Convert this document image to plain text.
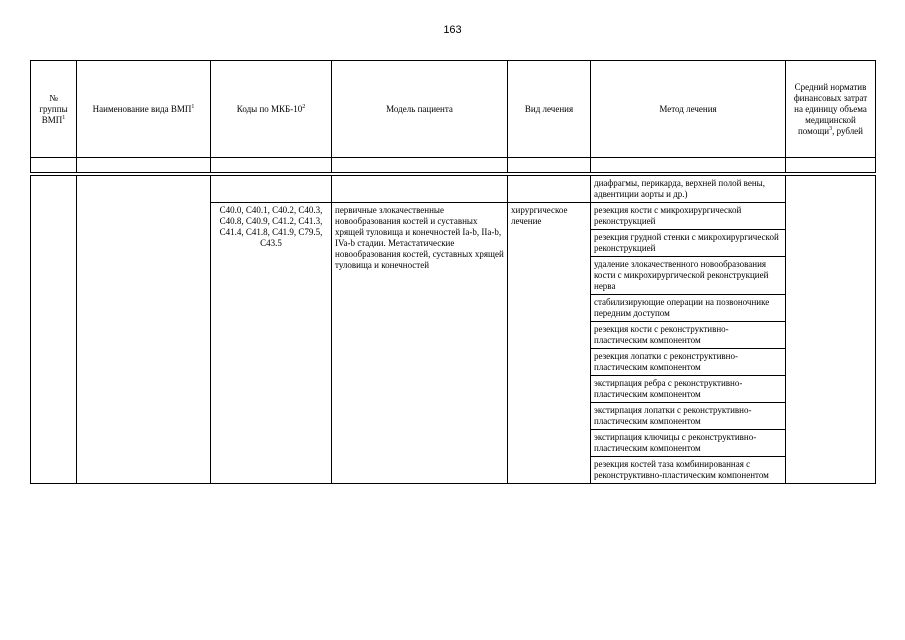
163
№ группы ВМП$^1$	Наименование вида ВМП$^1$	Коды по МКБ-$10^2$	Модель пациента	Вид лечения	Метод лечения	Средний норматив финансовых затрат на единицу объема медицинской помощи$^3$, рублей

					диафрагмы, перикарда, верхней полой вены, адвентиции аорты и др.)	
		C40.0, C40.1, C40.2, C40.3, C40.8, C40.9, C41.2, C41.3, C41.4, C41.8, C41.9, C79.5, C43.5	первичные злокачественные новообразования костей и суставных хрящей туловища и конечностей Ia-b, IIa-b, IVa-b стадии. Метастатические новообразования костей, суставных хрящей туловища и конечностей	хирургическое лечение	резекция кости с микрохирургической реконструкцией	
					резекция грудной стенки с микрохирургической реконструкцией	
					удаление злокачественного новообразования кости с микрохирургической реконструкцией нерва	
					стабилизирующие операции на позвоночнике передним доступом	
					резекция кости с реконструктивно-пластическим компонентом	
					резекция лопатки с реконструктивно-пластическим компонентом	
					экстирпация ребра с реконструктивно-пластическим компонентом	
					экстирпация лопатки с реконструктивно-пластическим компонентом	
					экстирпация ключицы с реконструктивно-пластическим компонентом	
					резекция костей таза комбинированная с реконструктивно-пластическим компонентом	
